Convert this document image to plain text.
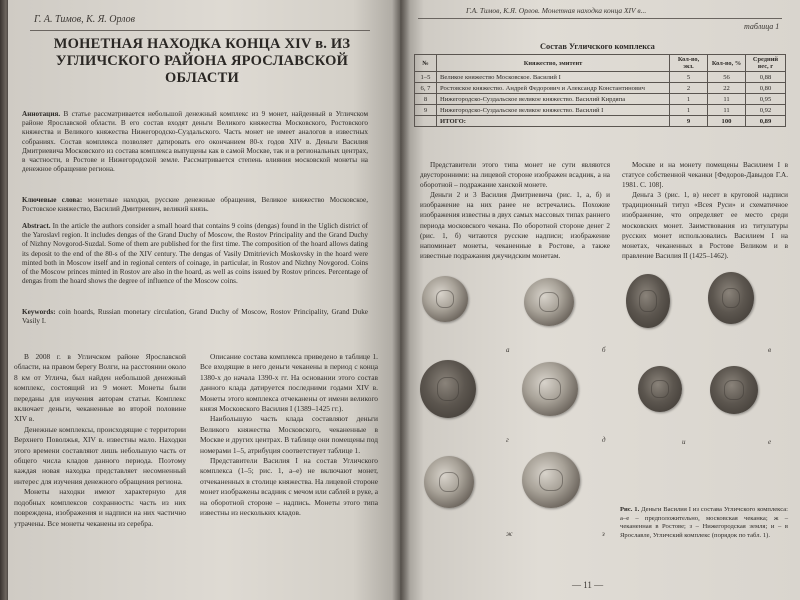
Г. А. Тимов, К. Я. Орлов
МОНЕТНАЯ НАХОДКА КОНЦА XIV в. ИЗ УГЛИЧСКОГО РАЙОНА ЯРОСЛАВСКОЙ ОБЛАСТИ

Аннотация. В статье рассматривается небольшой денежный комплекс из 9 монет, найденный в Угличском районе Ярославской области. В его состав входят деньги Великого княжества Московского, Ростовского княжества и Великого княжества Нижегородско-Суздальского. Часть монет не имеет аналогов в известных собраниях. Состав комплекса позволяет датировать его окончанием 80-х годов XIV в. Деньги Василия Дмитриевича Московского из состава комплекса выпущены как в самой Москве, так и в региональных центрах, в частности, в Ростове и Нижегородской земле. Рассматривается степень влияния московской монеты на денежное обращение региона.

Ключевые слова: монетные находки, русские денежные обращения, Великое княжество Московское, Ростовское княжество, Василий Дмитриевич, великий князь.

Abstract. In the article the authors consider a small hoard that contains 9 coins (dengas) found in the Uglich district of the Yaroslavl region. It includes dengas of the Grand Duchy of Moscow, the Rostov Principality and the Grand Duchy of Nizhny Novgorod-Suzdal. Some of them are published for the first time. The composition of the hoard allows dating its deposit to the end of the 80-s of the XIV century. The dengas of Vasily Dmitrievich Moskovsky in the hoard were minted both in Moscow itself and in regional centers of coinage, in particular, in Rostov and Nizhny Novgorod. Coins of the Moscow princes minted in Rostov are also in the hoard, as well as coins issued by Rostov princes. Percentage of dengas from the hoard shows the degree of influence of the Moscow coins.

Keywords: coin hoards, Russian monetary circulation, Grand Duchy of Moscow, Rostov Principality, Grand Duke Vasily I.

В 2008 г. в Угличском районе Ярославской области, на правом берегу Волги, на расстоянии около 8 км от Углича, был найден небольшой денежный комплекс, состоящий из 9 монет. Монеты были переданы для изучения авторам статьи. Комплекс включает деньги, чеканенные во второй половине XIV в.

Денежные комплексы, происходящие с территории Верхнего Поволжья, XIV в. известны мало. Находки этого времени составляют лишь небольшую часть от общего числа кладов данного периода. Поэтому каждая новая находка представляет несомненный интерес для изучения денежного обращения региона.

Монеты находки имеют характерную для подобных комплексов сохранность: часть из них повреждена, изображения и надписи на них частично утрачены. Все монеты чеканены из серебра.

Описание состава комплекса приведено в таблице 1. Все входящие в него деньги чеканены в период с конца 1380-х до начала 1390-х гг. На основании этого состав данного клада датируется последними годами XIV в. Монеты этого комплекса отчеканены от имени великого князя Московского Василия I (1389–1425 гг.).

Наибольшую часть клада составляют деньги Великого княжества Московского, чеканенные в Москве и других центрах. В таблице они помещены под номерами 1–5, атрибуция соответствует таблице 1.

Представители Василия I на состав Угличского комплекса (1–5; рис. 1, а–е) не включают монет, отчеканенных в столице княжества. На лицевой стороне монет изображены всадник с мечом или саблей в руке, а на оборотной стороне – надпись. Монеты этого типа известны из нескольких кладов.

Г.А. Тимов, К.Я. Орлов. Монетная находка конца XIV в...
таблица 1
Состав Угличского комплекса
№	Княжество, эмитент	Кол-во, экз.	Кол-во, %	Средний вес, г
1–5	Великое княжество Московское. Василий I	5	56	0,88
6, 7	Ростовское княжество. Андрей Федорович и Александр Константинович	2	22	0,80
8	Нижегородско-Суздальское великое княжество. Василий Кирдяпа	1	11	0,95
9	Нижегородско-Суздальское великое княжество. Василий I	1	11	0,92
	ИТОГО:	9	100	0,89

Представители этого типа монет не сути являются двусторонними: на лицевой стороне изображен всадник, а на оборотной – подражание ханской монете.

Деньги 2 и 3 Василия Дмитриевича (рис. 1, а, б) и изображение на них ранее не встречались. Похожие изображения известны в двух самых массовых типах раннего периода московского чекана. По оборотной стороне денег 2 (рис. 1, б) читаются русские надписи; изображение напоминает монеты, чеканенные в Ростове, а также известные подражания джучидским монетам.

Москве и на монету помещены Василием I в статусе собственной чеканки [Федоров-Давыдов Г.А. 1981. С. 108].

Деньга 3 (рис. 1, в) несет в круговой надписи традиционный титул «Всея Руси» и схематичное изображение, что определяет ее место среди московских монет. Заимствования из титулатуры русских монет использовались Василием I на монетах, чеканенных в Ростове Великом и в правление Василия II (1425–1462).

а	б
г	д
ж	з
в
е
и

Рис. 1. Деньги Василия I из состава Угличского комплекса: а–е – предположительно, московская чеканка; ж – чеканенная в Ростове; з – Нижегородская земля; и – в Ярославле, Угличский комплекс (порядок по табл. 1).

— 11 —
